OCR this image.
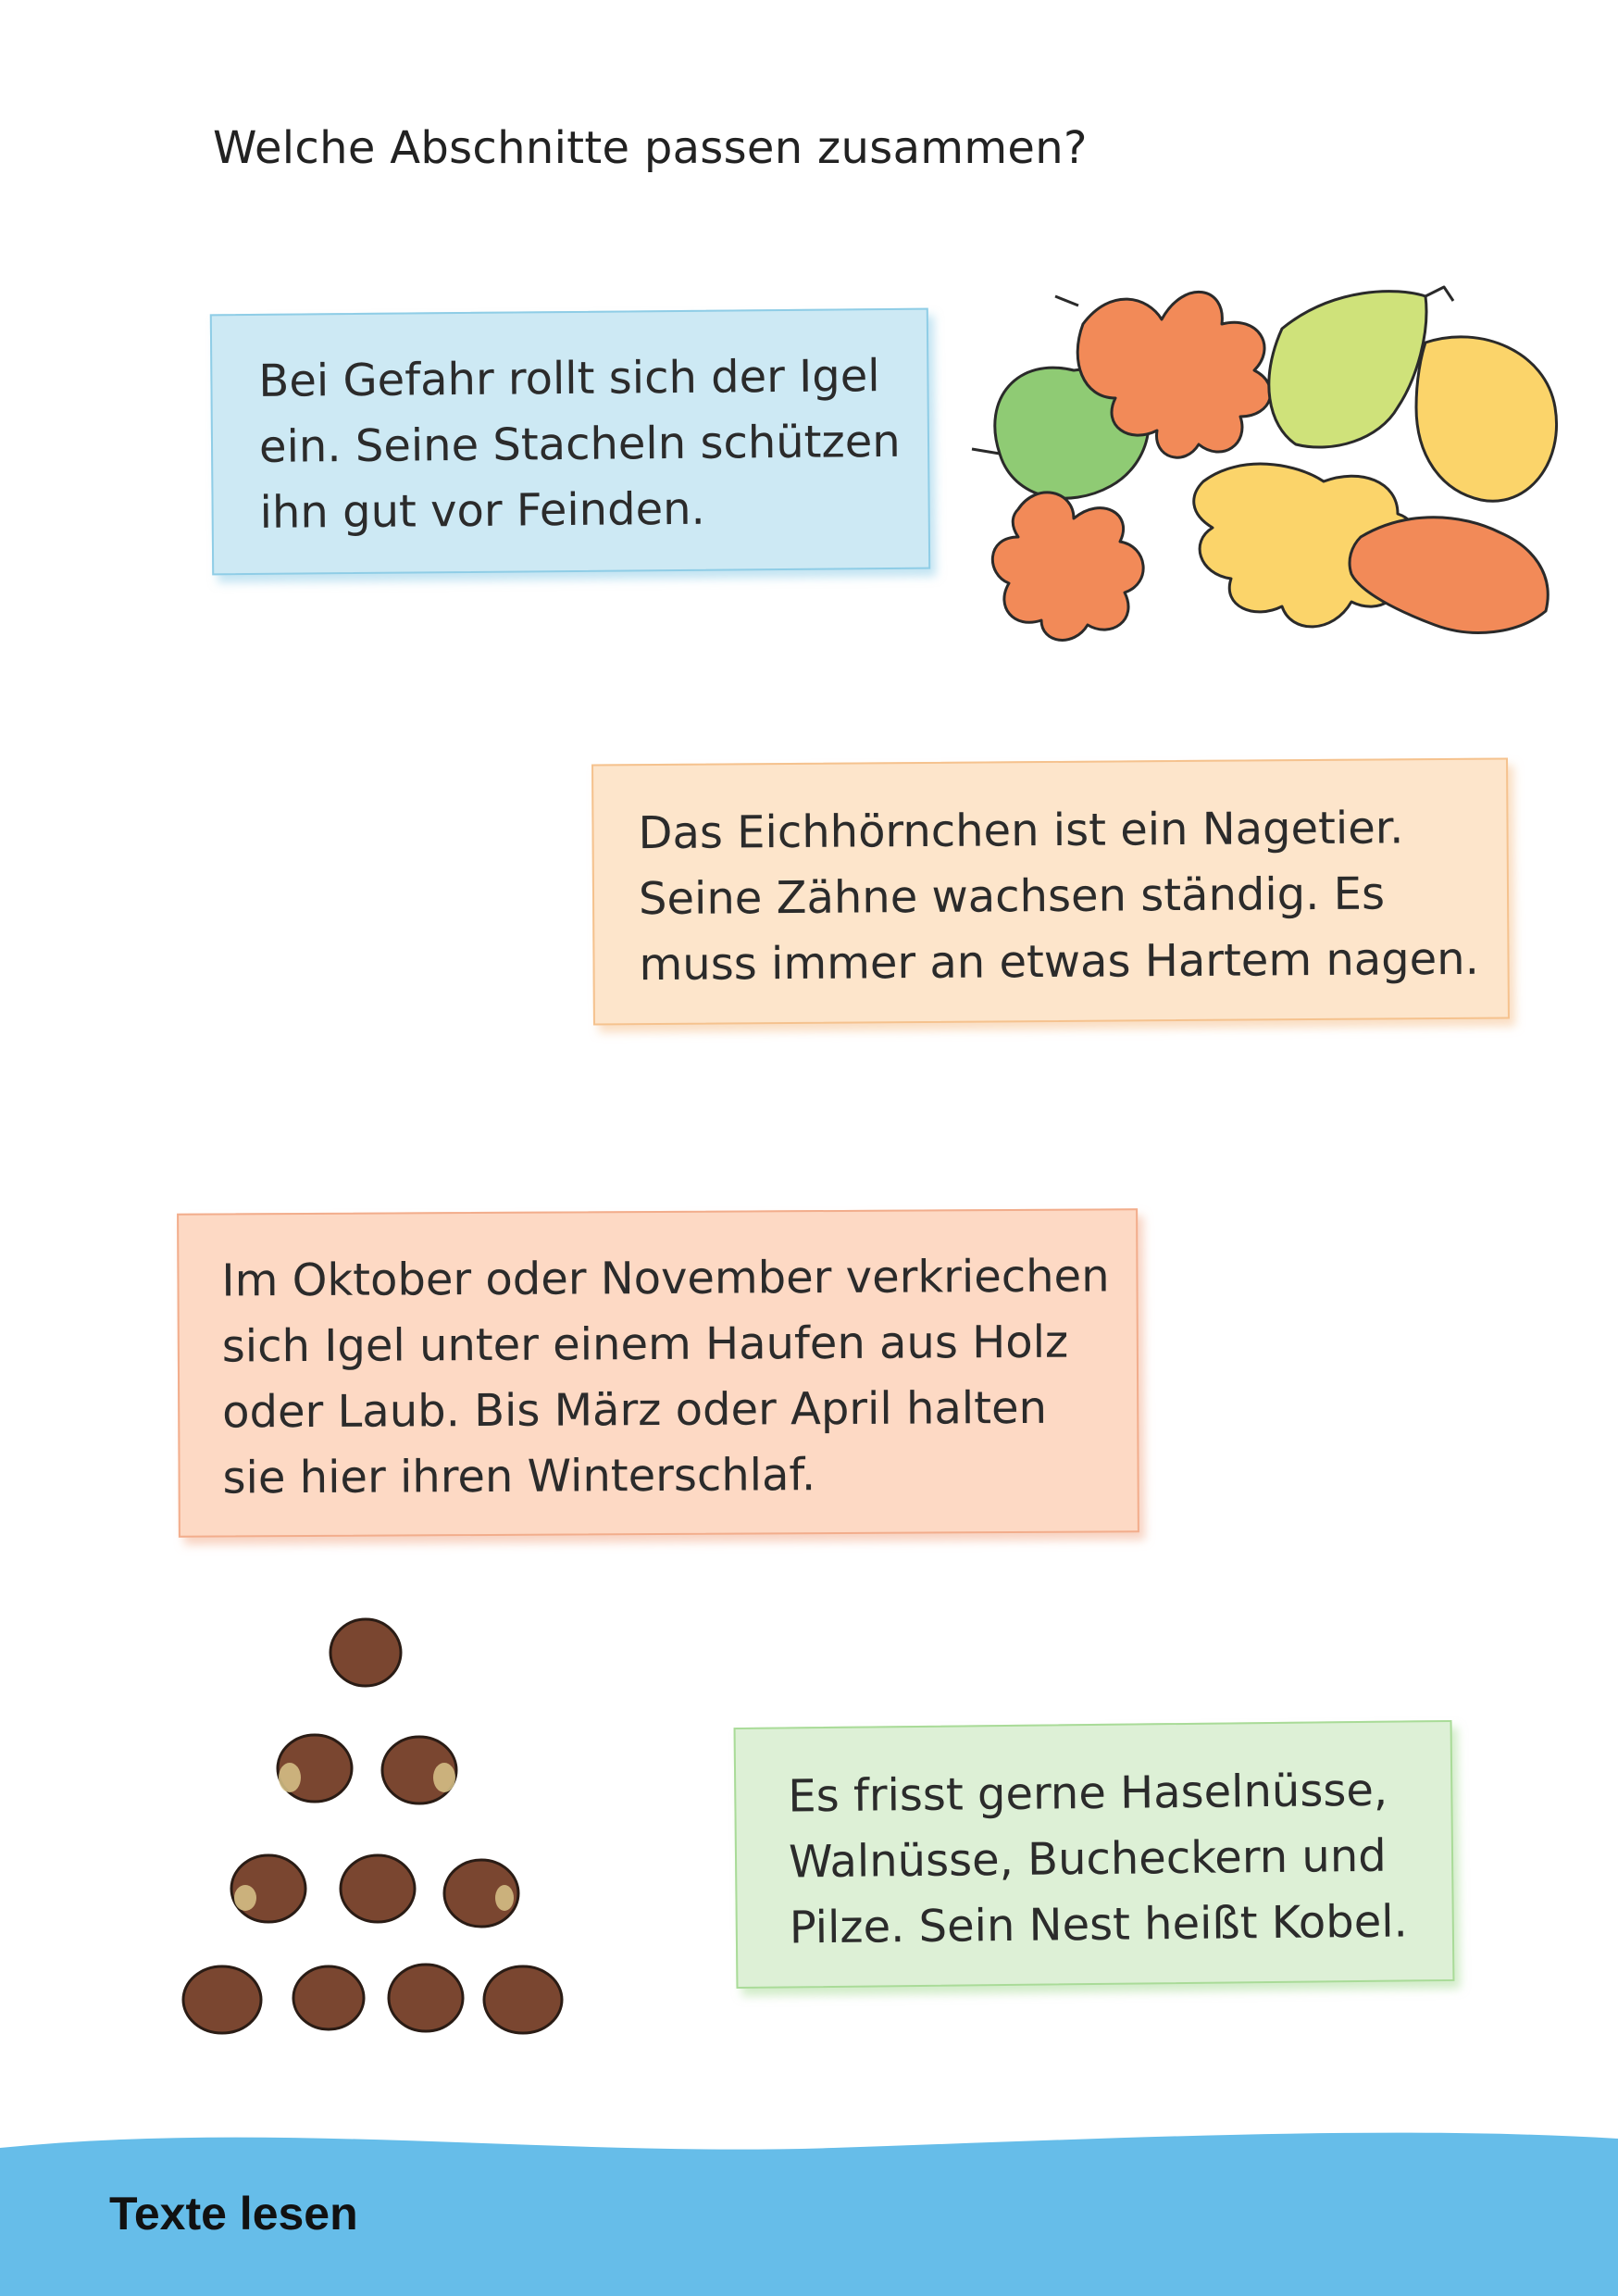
Welche Abschnitte passen zusammen?

Bei Gefahr rollt sich der Igel

ein. Seine Stacheln schützen

ihn gut vor Feinden.

Das Eichhörnchen ist ein Nagetier.

Seine Zähne wachsen ständig. Es

muss immer an etwas Hartem nagen.

Im Oktober oder November verkriechen

sich Igel unter einem Haufen aus Holz

oder Laub. Bis März oder April halten

sie hier ihren Winterschlaf.

Es frisst gerne Haselnüsse,

Walnüsse, Bucheckern und

Pilze. Sein Nest heißt Kobel.

Texte lesen
